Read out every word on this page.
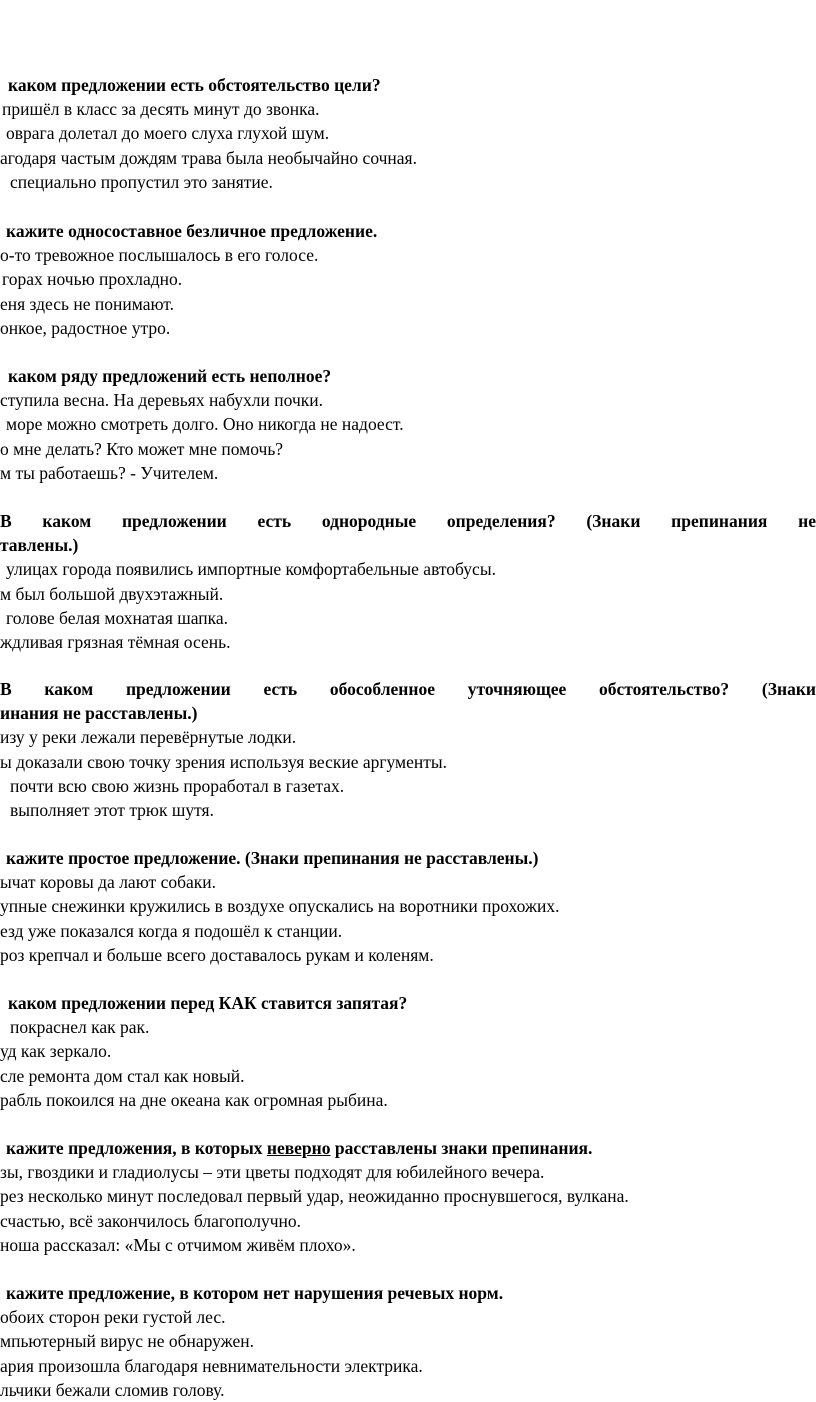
каком предложении есть обстоятельство цели?
пришёл в класс за десять минут до звонка.
оврага долетал до моего слуха глухой шум.
агодаря частым дождям трава была необычайно сочная.
специально пропустил это занятие.
кажите односоставное безличное предложение.
о-то тревожное послышалось в его голосе.
горах ночью прохладно.
еня здесь не понимают.
онкое, радостное утро.
каком ряду предложений есть неполное?
ступила весна. На деревьях набухли почки.
море можно смотреть долго. Оно никогда не надоест.
о мне делать? Кто может мне помочь?
м ты работаешь? - Учителем.
В каком предложении есть однородные определения? (Знаки препинания не
тавлены.)
улицах города появились импортные комфортабельные автобусы.
м был большой двухэтажный.
голове белая мохнатая шапка.
ждливая грязная тёмная осень.
В каком предложении есть обособленное уточняющее обстоятельство? (Знаки
инания не расставлены.)
изу у реки лежали перевёрнутые лодки.
ы доказали свою точку зрения используя веские аргументы.
почти всю свою жизнь проработал в газетах.
выполняет этот трюк шутя.
кажите простое предложение. (Знаки препинания не расставлены.)
ычат коровы да лают собаки.
упные снежинки кружились в воздухе опускались на воротники прохожих.
езд уже показался когда я подошёл к станции.
роз крепчал и больше всего доставалось рукам и коленям.
каком предложении перед КАК ставится запятая?
покраснел как рак.
уд как зеркало.
сле ремонта дом стал как новый.
рабль покоился на дне океана как огромная рыбина.
кажите предложения, в которых неверно расставлены знаки препинания.
зы, гвоздики и гладиолусы – эти цветы подходят для юбилейного вечера.
рез несколько минут последовал первый удар, неожиданно проснувшегося, вулкана.
счастью, всё закончилось благополучно.
ноша рассказал: «Мы с отчимом живём плохо».
кажите предложение, в котором нет нарушения речевых норм.
обоих сторон реки густой лес.
мпьютерный вирус не обнаружен.
ария произошла благодаря невнимательности электрика.
льчики бежали сломив голову.
